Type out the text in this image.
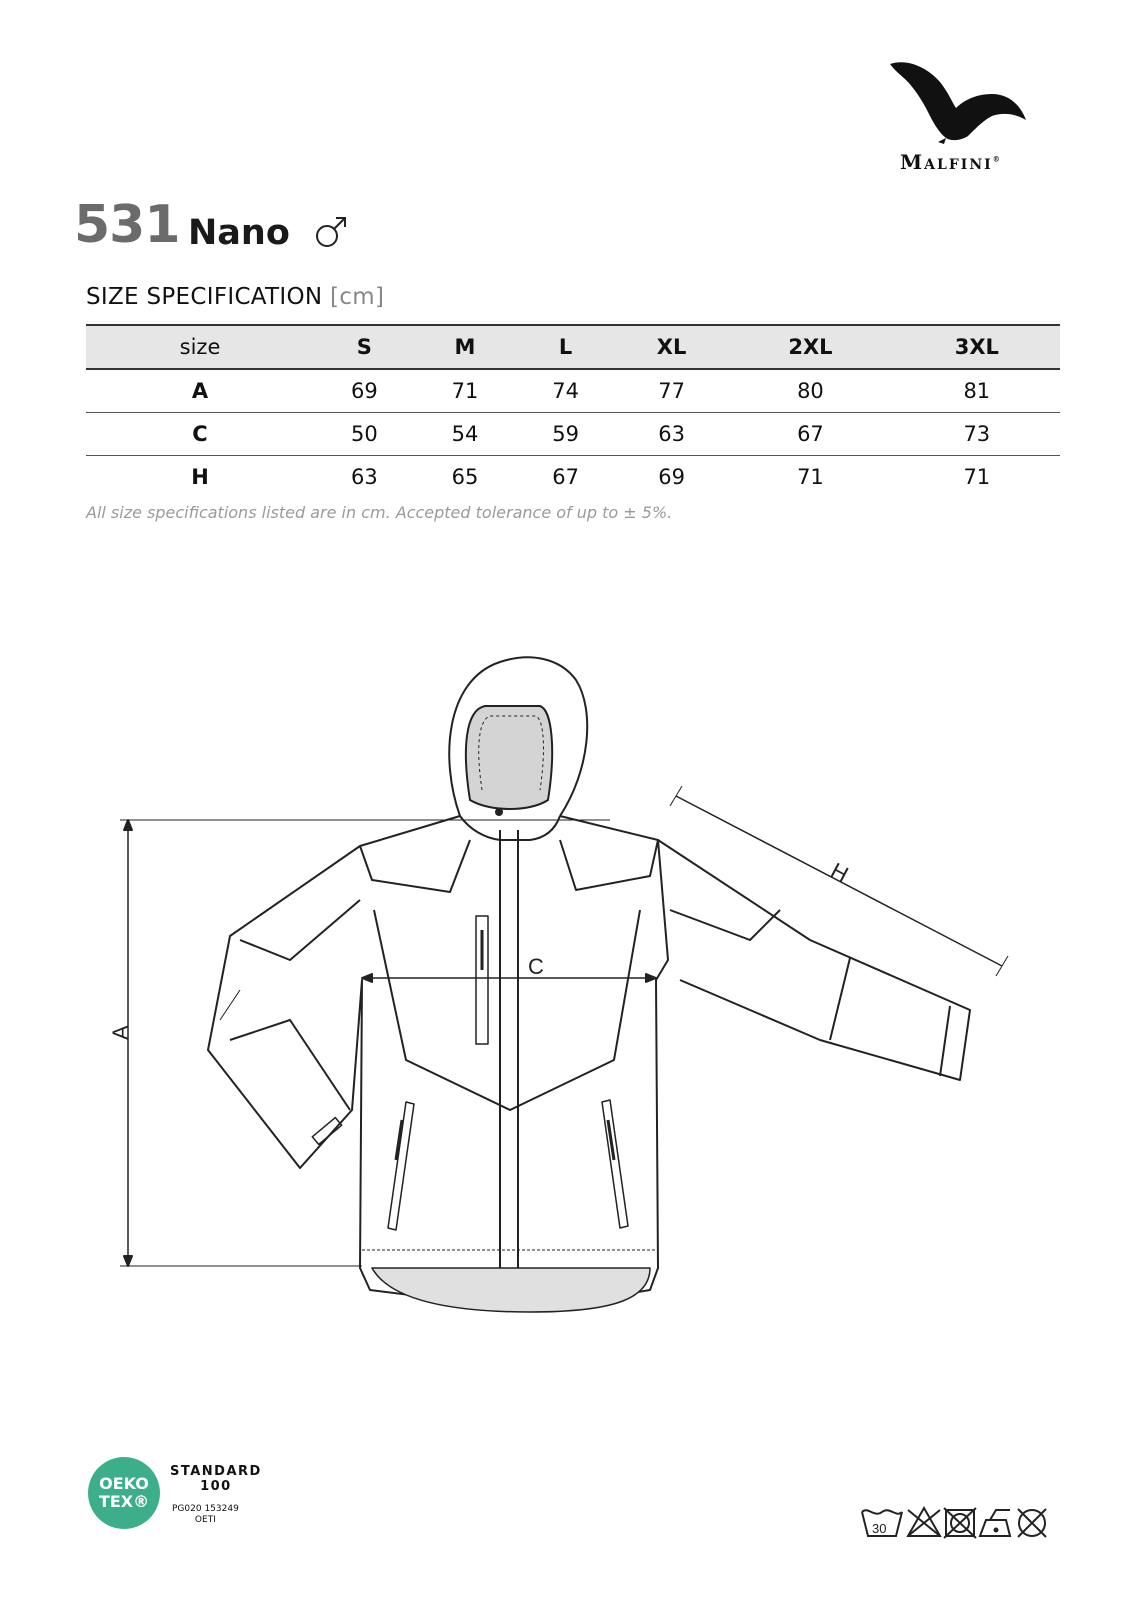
Malfini®
531 Nano
SIZE SPECIFICATION [cm]
size	S	M	L	XL	2XL	3XL
A	69	71	74	77	80	81
C	50	54	59	63	67	73
H	63	65	67	69	71	71
All size specifications listed are in cm. Accepted tolerance of up to ± 5%.
A
C
H
OEKO
TEX®
STANDARD
100
PG020 153249
OETI
30
